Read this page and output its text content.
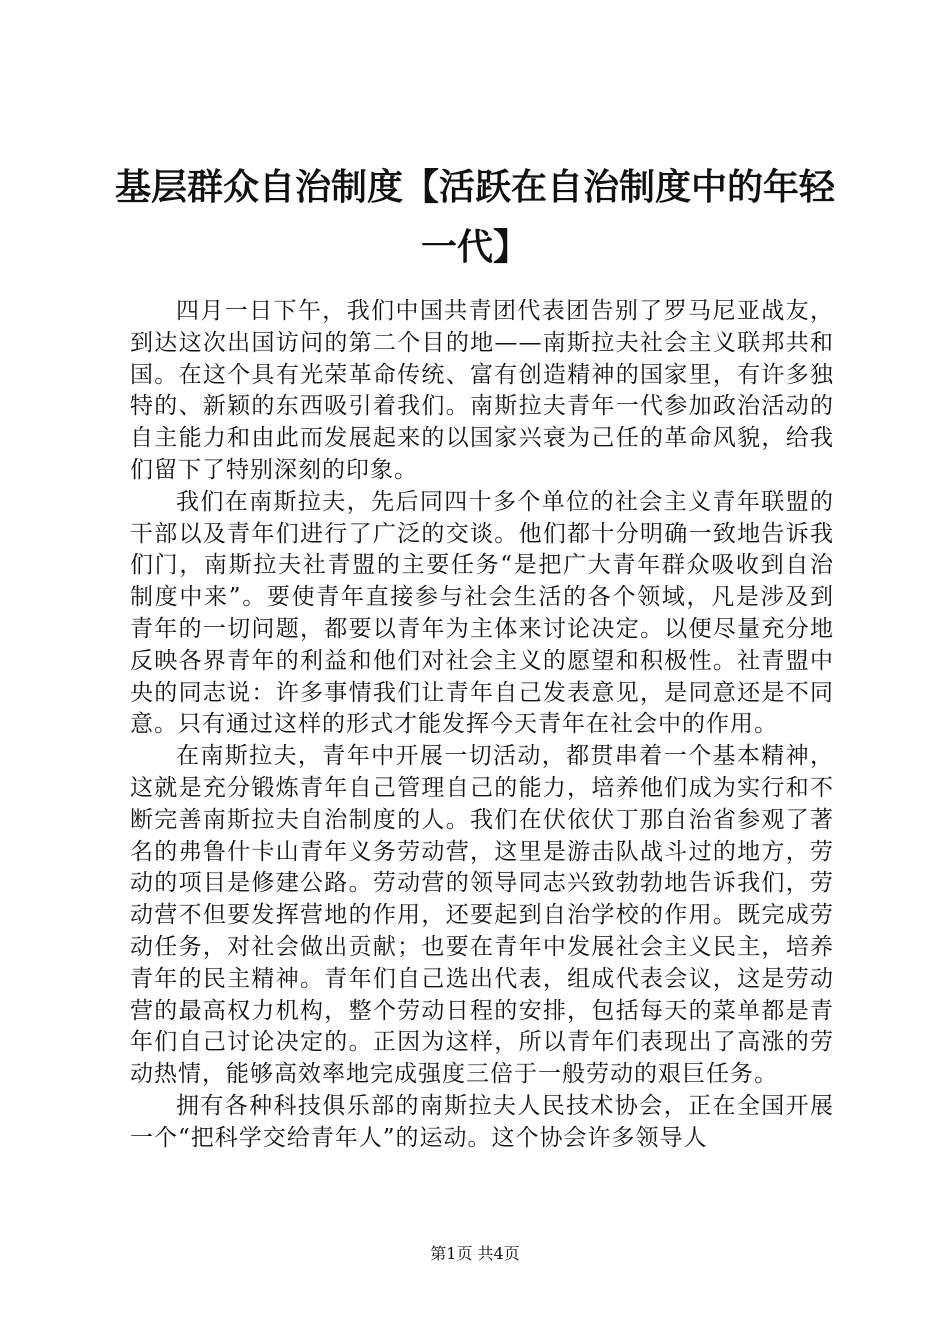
基层群众自治制度【活跃在自治制度中的年轻一代】

四月一日下午，我们中国共青团代表团告别了罗马尼亚战友，到达这次出国访问的第二个目的地——南斯拉夫社会主义联邦共和国。在这个具有光荣革命传统、富有创造精神的国家里，有许多独特的、新颖的东西吸引着我们。南斯拉夫青年一代参加政治活动的自主能力和由此而发展起来的以国家兴衰为己任的革命风貌，给我们留下了特别深刻的印象。

我们在南斯拉夫，先后同四十多个单位的社会主义青年联盟的干部以及青年们进行了广泛的交谈。他们都十分明确一致地告诉我们门，南斯拉夫社青盟的主要任务“是把广大青年群众吸收到自治制度中来”。要使青年直接参与社会生活的各个领域，凡是涉及到青年的一切问题，都要以青年为主体来讨论决定。以便尽量充分地反映各界青年的利益和他们对社会主义的愿望和积极性。社青盟中央的同志说：许多事情我们让青年自己发表意见，是同意还是不同意。只有通过这样的形式才能发挥今天青年在社会中的作用。

在南斯拉夫，青年中开展一切活动，都贯串着一个基本精神，这就是充分锻炼青年自己管理自己的能力，培养他们成为实行和不断完善南斯拉夫自治制度的人。我们在伏依伏丁那自治省参观了著名的弗鲁什卡山青年义务劳动营，这里是游击队战斗过的地方，劳动的项目是修建公路。劳动营的领导同志兴致勃勃地告诉我们，劳动营不但要发挥营地的作用，还要起到自治学校的作用。既完成劳动任务，对社会做出贡献；也要在青年中发展社会主义民主，培养青年的民主精神。青年们自己选出代表，组成代表会议，这是劳动营的最高权力机构，整个劳动日程的安排，包括每天的菜单都是青年们自己讨论决定的。正因为这样，所以青年们表现出了高涨的劳动热情，能够高效率地完成强度三倍于一般劳动的艰巨任务。

拥有各种科技俱乐部的南斯拉夫人民技术协会，正在全国开展一个“把科学交给青年人”的运动。这个协会许多领导人

第1页 共4页
